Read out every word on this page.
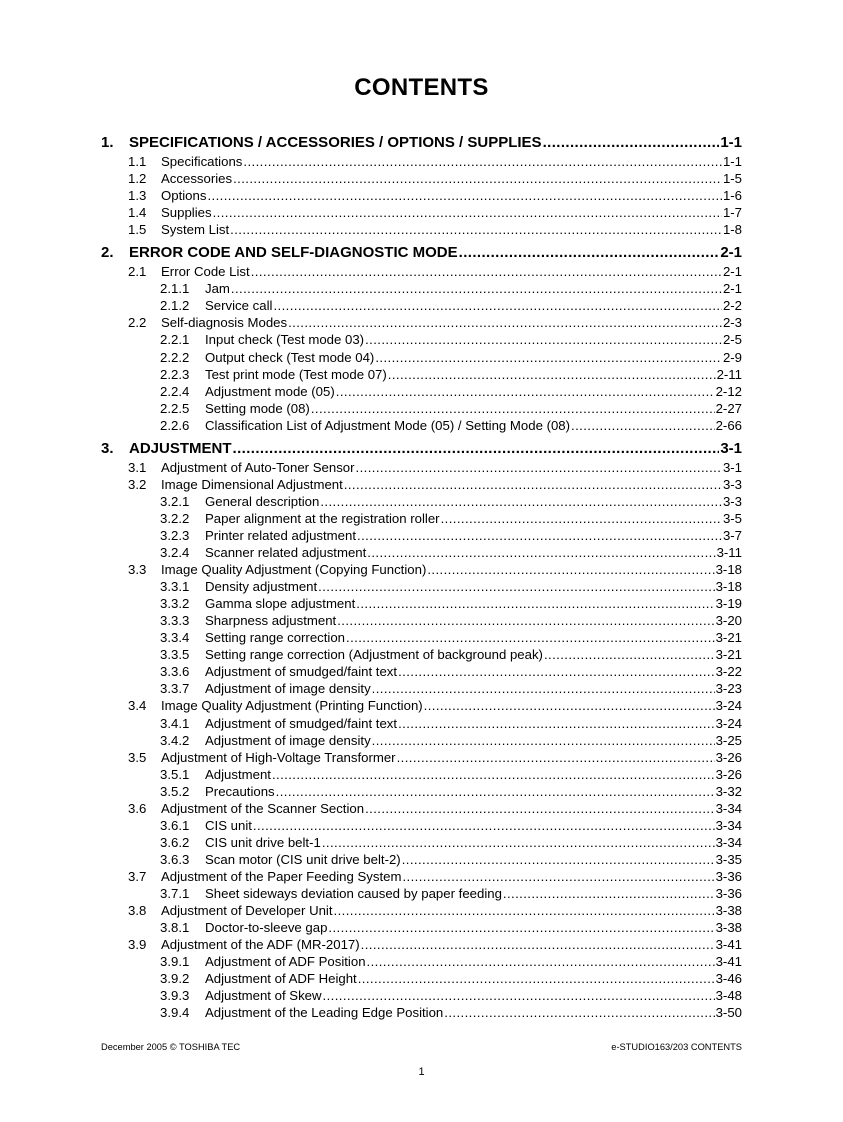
CONTENTS
1.	SPECIFICATIONS / ACCESSORIES / OPTIONS / SUPPLIES .....	1-1
1.1	Specifications .....	1-1
1.2	Accessories .....	1-5
1.3	Options .....	1-6
1.4	Supplies .....	1-7
1.5	System List .....	1-8
2.	ERROR CODE AND SELF-DIAGNOSTIC MODE .....	2-1
2.1	Error Code List .....	2-1
2.1.1	Jam .....	2-1
2.1.2	Service call .....	2-2
2.2	Self-diagnosis Modes .....	2-3
2.2.1	Input check (Test mode 03) .....	2-5
2.2.2	Output check (Test mode 04) .....	2-9
2.2.3	Test print mode (Test mode 07) .....	2-11
2.2.4	Adjustment mode (05) .....	2-12
2.2.5	Setting mode (08) .....	2-27
2.2.6	Classification List of Adjustment Mode (05) / Setting Mode (08) .....	2-66
3.	ADJUSTMENT .....	3-1
3.1	Adjustment of Auto-Toner Sensor .....	3-1
3.2	Image Dimensional Adjustment .....	3-3
3.2.1	General description .....	3-3
3.2.2	Paper alignment at the registration roller .....	3-5
3.2.3	Printer related adjustment .....	3-7
3.2.4	Scanner related adjustment .....	3-11
3.3	Image Quality Adjustment (Copying Function) .....	3-18
3.3.1	Density adjustment .....	3-18
3.3.2	Gamma slope adjustment .....	3-19
3.3.3	Sharpness adjustment .....	3-20
3.3.4	Setting range correction .....	3-21
3.3.5	Setting range correction (Adjustment of background peak) .....	3-21
3.3.6	Adjustment of smudged/faint text .....	3-22
3.3.7	Adjustment of image density .....	3-23
3.4	Image Quality Adjustment (Printing Function) .....	3-24
3.4.1	Adjustment of smudged/faint text .....	3-24
3.4.2	Adjustment of image density .....	3-25
3.5	Adjustment of High-Voltage Transformer .....	3-26
3.5.1	Adjustment .....	3-26
3.5.2	Precautions .....	3-32
3.6	Adjustment of the Scanner Section .....	3-34
3.6.1	CIS unit .....	3-34
3.6.2	CIS unit drive belt-1 .....	3-34
3.6.3	Scan motor (CIS unit drive belt-2) .....	3-35
3.7	Adjustment of the Paper Feeding System .....	3-36
3.7.1	Sheet sideways deviation caused by paper feeding .....	3-36
3.8	Adjustment of Developer Unit .....	3-38
3.8.1	Doctor-to-sleeve gap .....	3-38
3.9	Adjustment of the ADF (MR-2017) .....	3-41
3.9.1	Adjustment of ADF Position .....	3-41
3.9.2	Adjustment of ADF Height .....	3-46
3.9.3	Adjustment of Skew .....	3-48
3.9.4	Adjustment of the Leading Edge Position .....	3-50
December 2005 © TOSHIBA TEC	e-STUDIO163/203 CONTENTS
1
